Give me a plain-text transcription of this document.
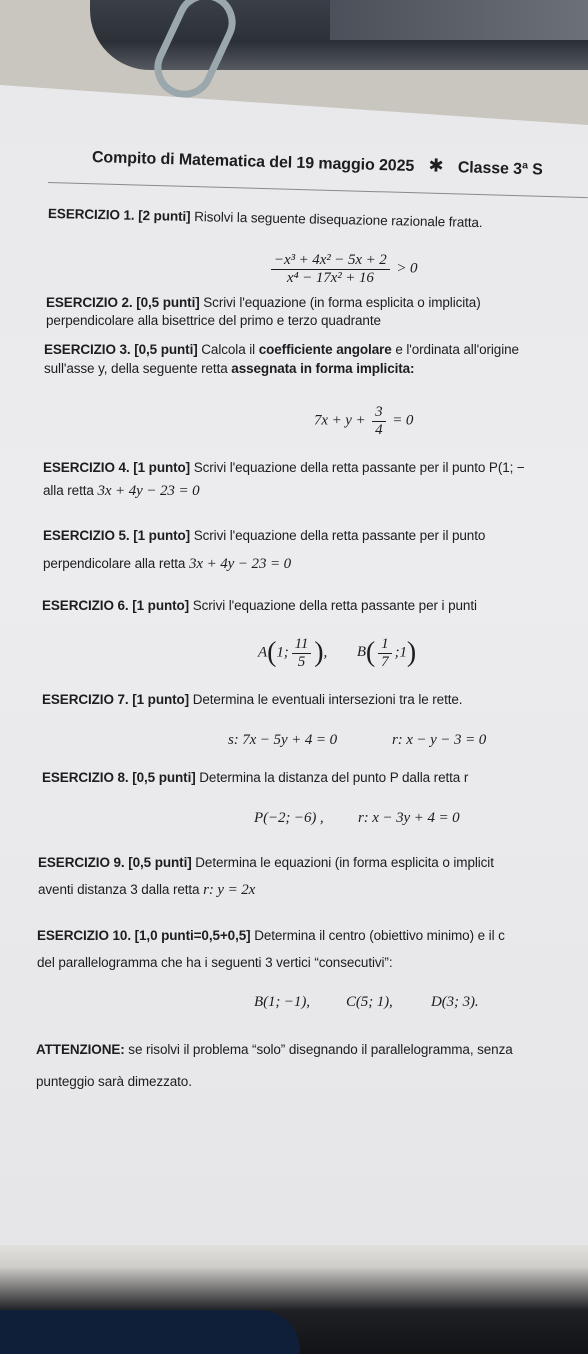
Compito di Matematica del 19 maggio 2025 ✱ Classe 3ª S
ESERCIZIO 1. [2 punti] Risolvi la seguente disequazione razionale fratta.
$\frac{\text{−x³ + 4x² − 5x + 2}}{\text{x⁴ − 17x² + 16}} > 0$
ESERCIZIO 2. [0,5 punti] Scrivi l'equazione (in forma esplicita o implicita)
perpendicolare alla bisettrice del primo e terzo quadrante
ESERCIZIO 3. [0,5 punti] Calcola il coefficiente angolare e l'ordinata all'origine
sull'asse y, della seguente retta assegnata in forma implicita:
$7x + y + \frac{3}{4} = 0$
ESERCIZIO 4. [1 punto] Scrivi l'equazione della retta passante per il punto P(1; −
alla retta 3x + 4y − 23 = 0
ESERCIZIO 5. [1 punto] Scrivi l'equazione della retta passante per il punto
perpendicolare alla retta 3x + 4y − 23 = 0
ESERCIZIO 6. [1 punto] Scrivi l'equazione della retta passante per i punti
A(1; $\frac{11}{5}$ ), $B( \frac{1}{7}$ ;1)
ESERCIZIO 7. [1 punto] Determina le eventuali intersezioni tra le rette.
s: 7x − 5y + 4 = 0	r: x − y − 3 = 0
ESERCIZIO 8. [0,5 punti] Determina la distanza del punto P dalla retta r
P(−2; −6) , r: x − 3y + 4 = 0
ESERCIZIO 9. [0,5 punti] Determina le equazioni (in forma esplicita o implicit
aventi distanza 3 dalla retta r: y = 2x
ESERCIZIO 10. [1,0 punti=0,5+0,5] Determina il centro (obiettivo minimo) e il c
del parallelogramma che ha i seguenti 3 vertici “consecutivi”:
B(1; −1), C(5; 1),	D(3; 3).
ATTENZIONE: se risolvi il problema “solo” disegnando il parallelogramma, senza
punteggio sarà dimezzato.
